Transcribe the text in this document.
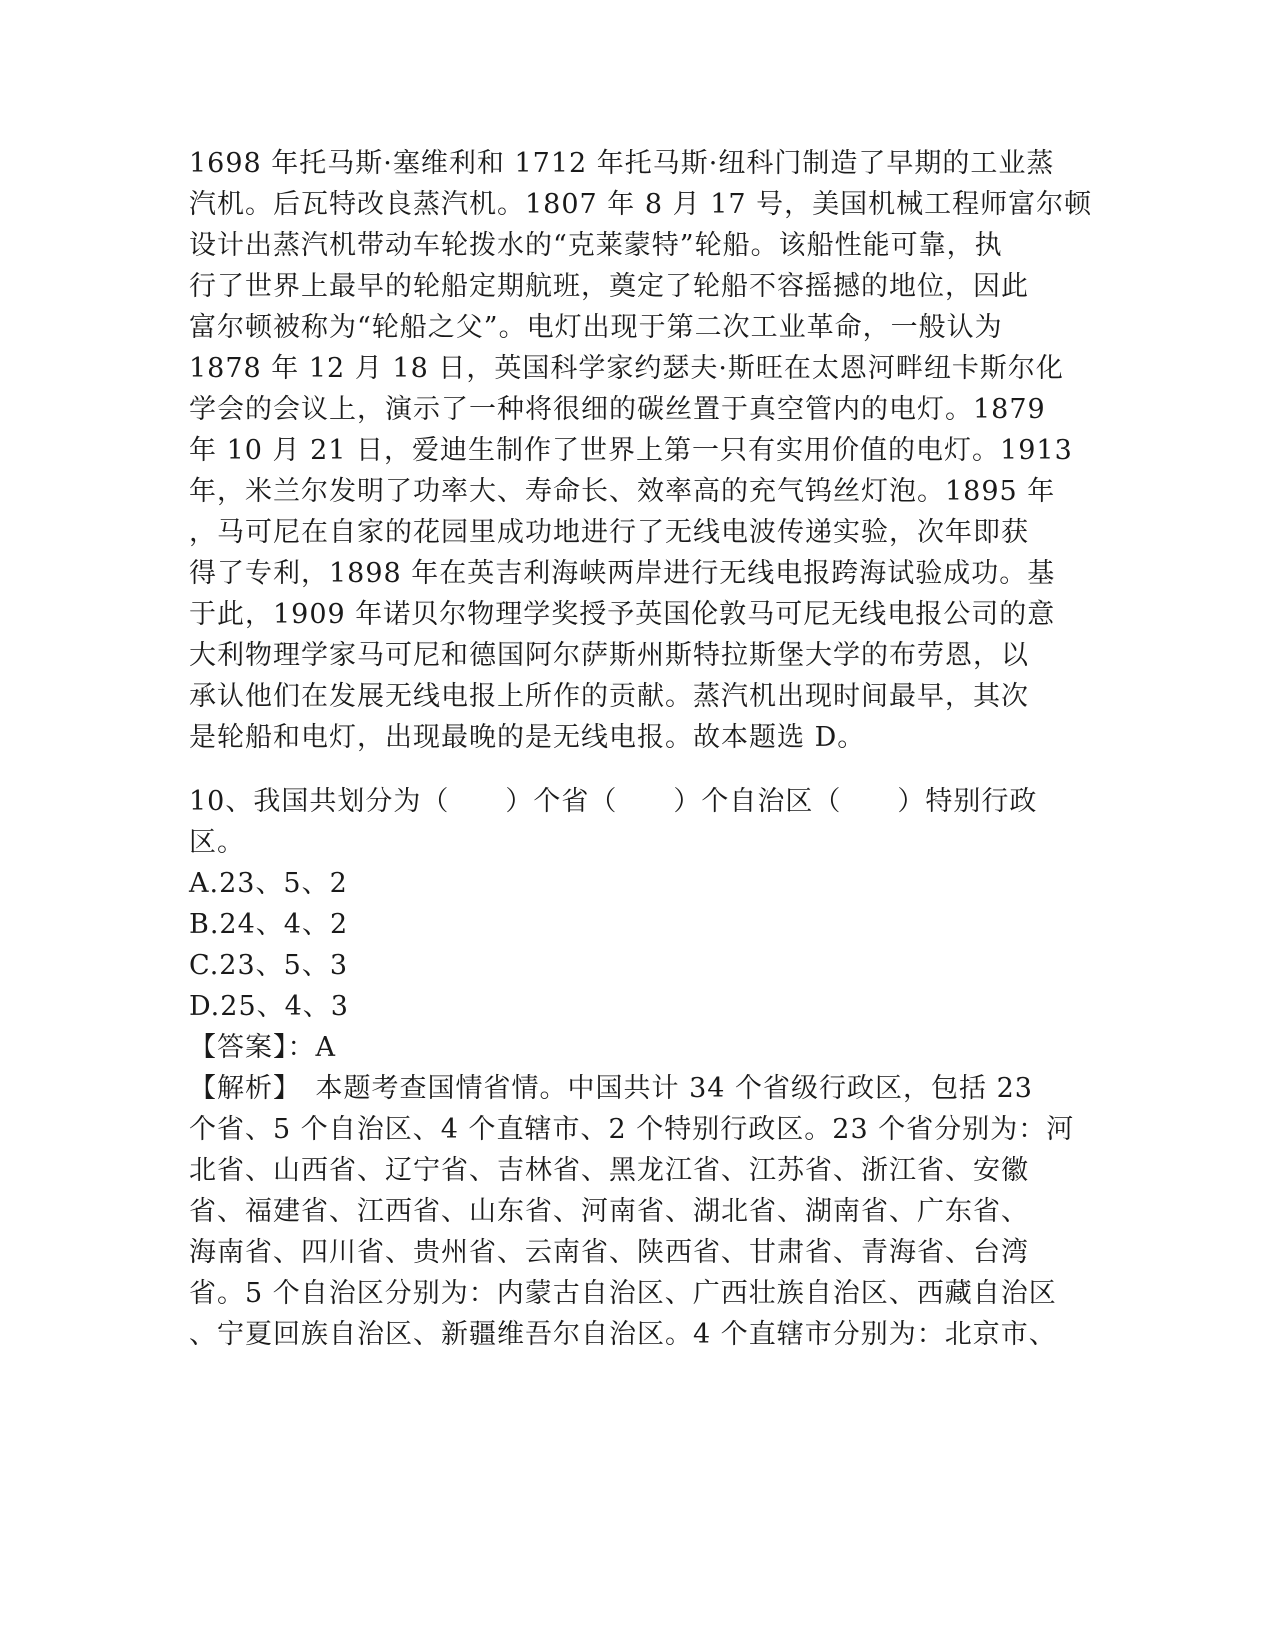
1698 年托马斯·塞维利和 1712 年托马斯·纽科门制造了早期的工业蒸
汽机。后瓦特改良蒸汽机。1807 年 8 月 17 号，美国机械工程师富尔顿
设计出蒸汽机带动车轮拨水的“克莱蒙特”轮船。该船性能可靠，执
行了世界上最早的轮船定期航班，奠定了轮船不容摇撼的地位，因此
富尔顿被称为“轮船之父”。电灯出现于第二次工业革命，一般认为
1878 年 12 月 18 日，英国科学家约瑟夫·斯旺在太恩河畔纽卡斯尔化
学会的会议上，演示了一种将很细的碳丝置于真空管内的电灯。1879
年 10 月 21 日，爱迪生制作了世界上第一只有实用价值的电灯。1913
年，米兰尔发明了功率大、寿命长、效率高的充气钨丝灯泡。1895 年
，马可尼在自家的花园里成功地进行了无线电波传递实验，次年即获
得了专利，1898 年在英吉利海峡两岸进行无线电报跨海试验成功。基
于此，1909 年诺贝尔物理学奖授予英国伦敦马可尼无线电报公司的意
大利物理学家马可尼和德国阿尔萨斯州斯特拉斯堡大学的布劳恩，以
承认他们在发展无线电报上所作的贡献。蒸汽机出现时间最早，其次
是轮船和电灯，出现最晚的是无线电报。故本题选 D。
10、我国共划分为（　　）个省（　　）个自治区（　　）特别行政
区。
A.23、5、2
B.24、4、2
C.23、5、3
D.25、4、3
【答案】：A
【解析】　本题考查国情省情。中国共计 34 个省级行政区，包括 23
个省、5 个自治区、4 个直辖市、2 个特别行政区。23 个省分别为：河
北省、山西省、辽宁省、吉林省、黑龙江省、江苏省、浙江省、安徽
省、福建省、江西省、山东省、河南省、湖北省、湖南省、广东省、
海南省、四川省、贵州省、云南省、陕西省、甘肃省、青海省、台湾
省。5 个自治区分别为：内蒙古自治区、广西壮族自治区、西藏自治区
、宁夏回族自治区、新疆维吾尔自治区。4 个直辖市分别为：北京市、
